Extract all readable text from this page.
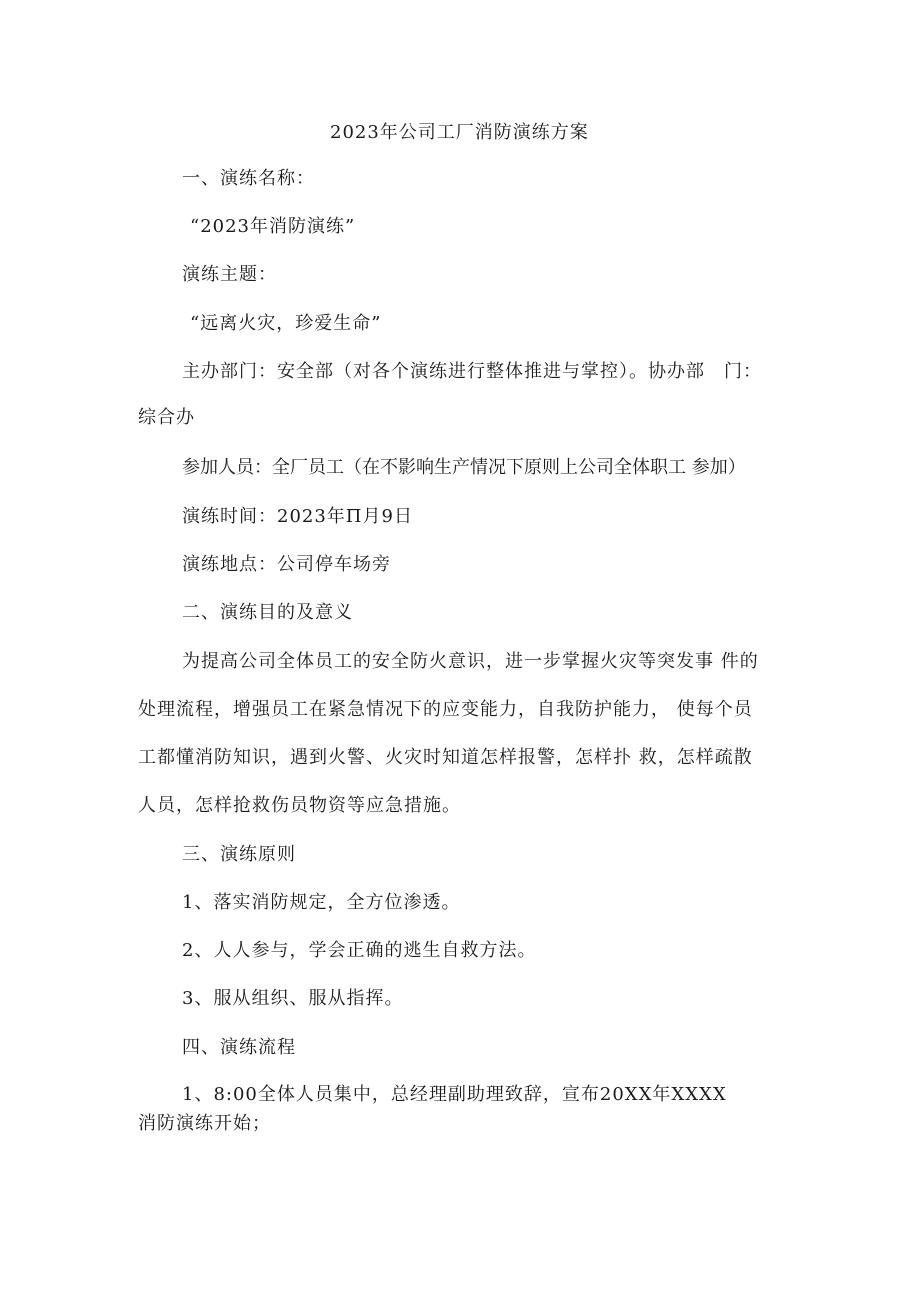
2023年公司工厂消防演练方案
一、演练名称：
“2023年消防演练”
演练主题：
“远离火灾，珍爱生命”
主办部门：安全部（对各个演练进行整体推进与掌控）。协办部　门：
综合办
参加人员：全厂员工（在不影响生产情况下原则上公司全体职工 参加）
演练时间：2023年Π月9日
演练地点：公司停车场旁
二、演练目的及意义
为提高公司全体员工的安全防火意识，进一步掌握火灾等突发事 件的
处理流程，增强员工在紧急情况下的应变能力，自我防护能力， 使每个员
工都懂消防知识，遇到火警、火灾时知道怎样报警，怎样扑 救，怎样疏散
人员，怎样抢救伤员物资等应急措施。
三、演练原则
1、落实消防规定，全方位渗透。
2、人人参与，学会正确的逃生自救方法。
3、服从组织、服从指挥。
四、演练流程
1、8:00全体人员集中，总经理副助理致辞，宣布20XX年XXXX
消防演练开始；
